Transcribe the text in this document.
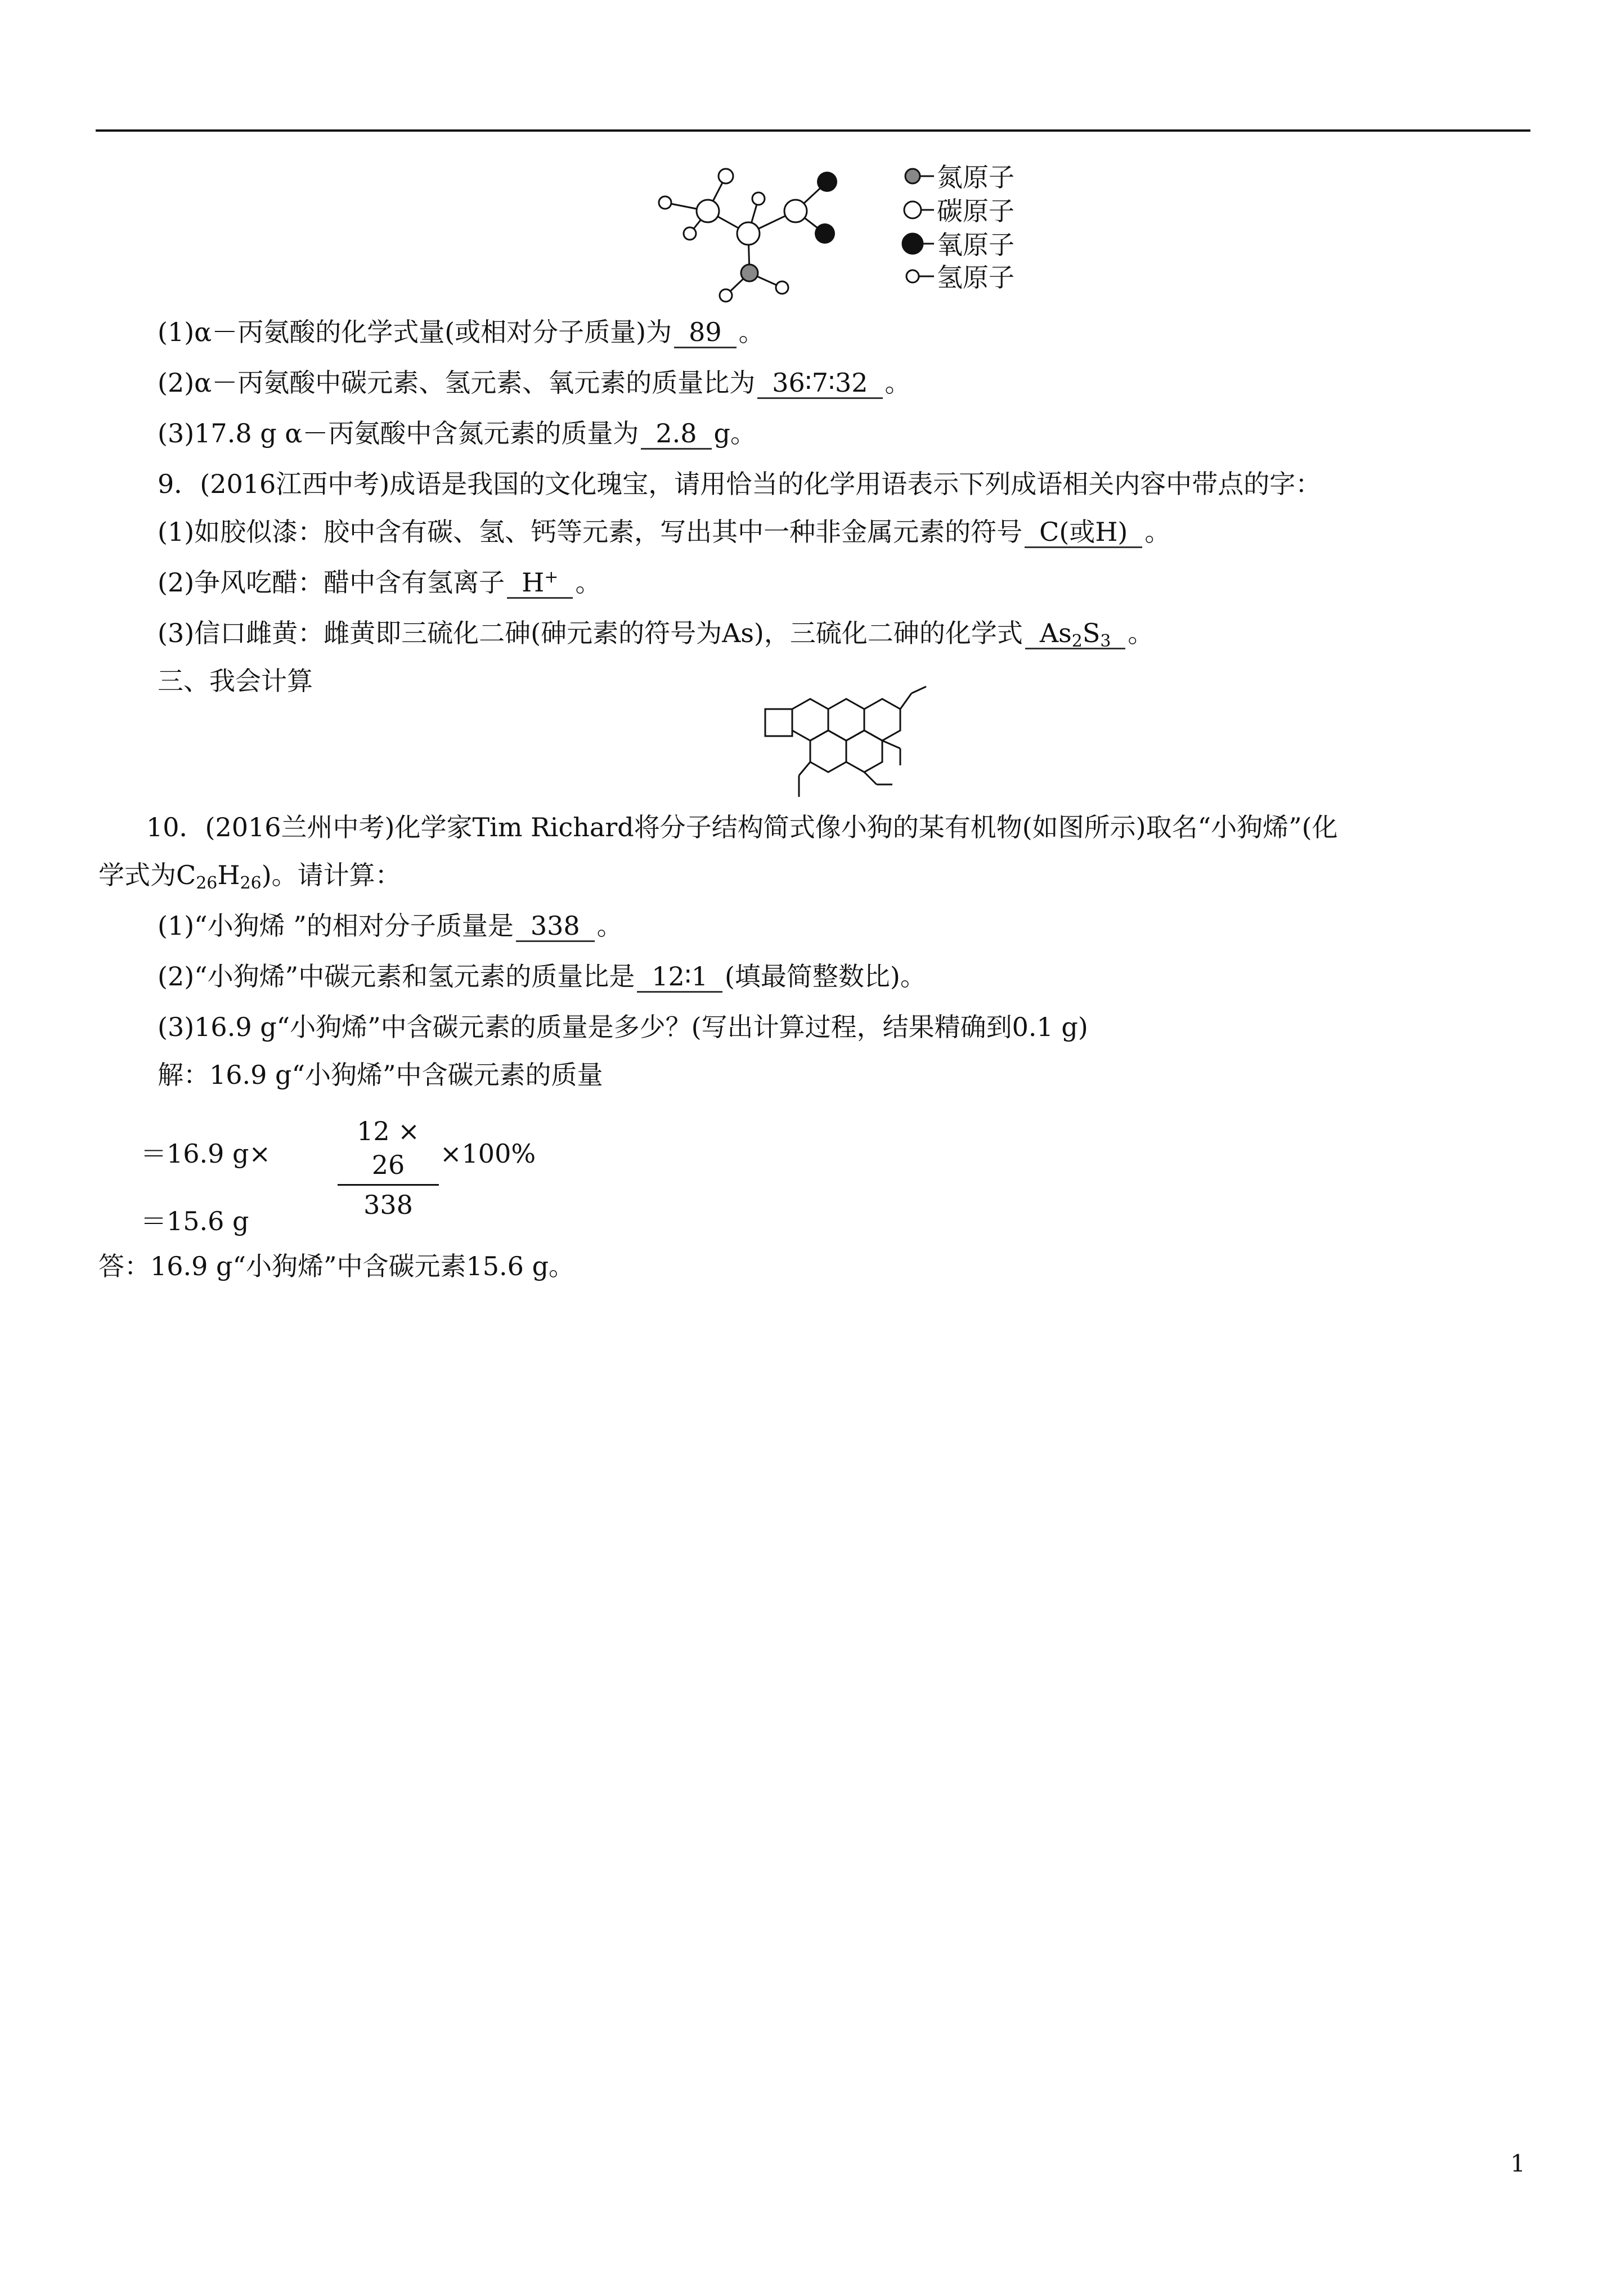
氮原子
碳原子
氧原子
氢原子
(1)α－丙氨酸的化学式量(或相对分子质量)为 89 。
(2)α－丙氨酸中碳元素、氢元素、氧元素的质量比为 36∶7∶32 。
(3)17.8 g α－丙氨酸中含氮元素的质量为 2.8 g。
9．(2016江西中考)成语是我国的文化瑰宝，请用恰当的化学用语表示下列成语相关内容中带点的字：
(1)如胶似漆：胶中含有碳、氢、钙等元素，写出其中一种非金属元素的符号 C(或H) 。
(2)争风吃醋：醋中含有氢离子 H+ 。
(3)信口雌黄：雌黄即三硫化二砷(砷元素的符号为As)，三硫化二砷的化学式 $As_2S_3$ 。
三、我会计算
10．(2016兰州中考)化学家Tim Richard将分子结构简式像小狗的某有机物(如图所示)取名“小狗烯”(化
学式为$C_{26}H_{26}$)。请计算：
(1)“小狗烯 ”的相对分子质量是 338 。
(2)“小狗烯”中碳元素和氢元素的质量比是 12∶1 (填最简整数比)。
(3)16.9 g“小狗烯”中含碳元素的质量是多少？(写出计算过程，结果精确到0.1 g)
解：16.9 g“小狗烯”中含碳元素的质量
＝16.9 g×
12 × 26
338
×100%
＝15.6 g
答：16.9 g“小狗烯”中含碳元素15.6 g。
1
